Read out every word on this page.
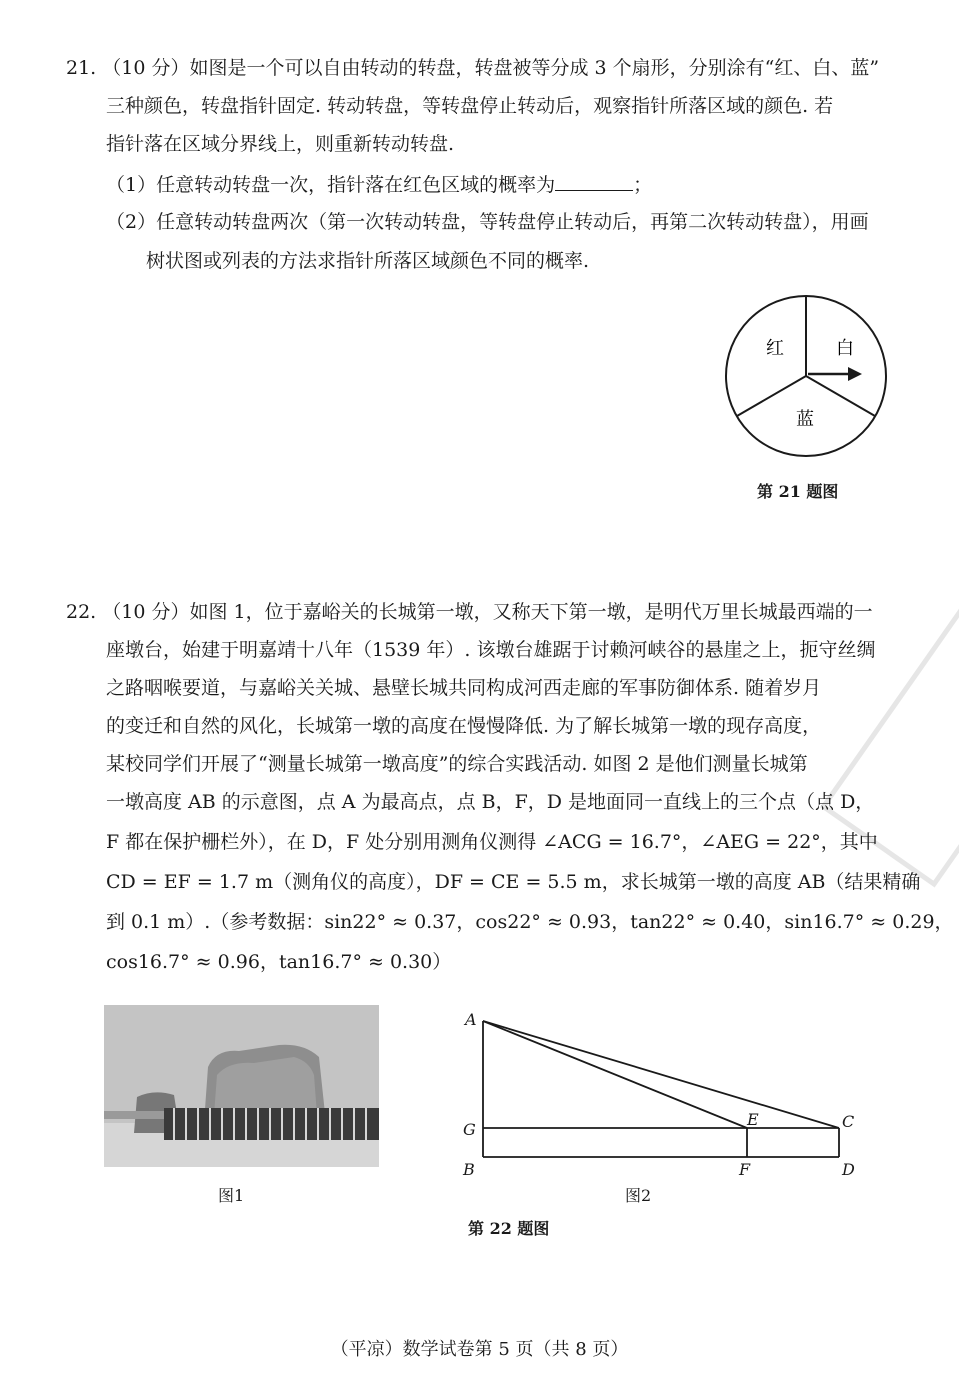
21. （10 分）如图是一个可以自由转动的转盘，转盘被等分成 3 个扇形，分别涂有“红、白、蓝”
三种颜色，转盘指针固定. 转动转盘，等转盘停止转动后，观察指针所落区域的颜色. 若
指针落在区域分界线上，则重新转动转盘.
（1）任意转动转盘一次，指针落在红色区域的概率为	；
（2）任意转动转盘两次（第一次转动转盘，等转盘停止转动后，再第二次转动转盘），用画
树状图或列表的方法求指针所落区域颜色不同的概率.
红	白
蓝
第 21 题图
22. （10 分）如图 1，位于嘉峪关的长城第一墩，又称天下第一墩，是明代万里长城最西端的一
座墩台，始建于明嘉靖十八年（1539 年）. 该墩台雄踞于讨赖河峡谷的悬崖之上，扼守丝绸
之路咽喉要道，与嘉峪关关城、悬壁长城共同构成河西走廊的军事防御体系. 随着岁月
的变迁和自然的风化，长城第一墩的高度在慢慢降低. 为了解长城第一墩的现存高度，
某校同学们开展了“测量长城第一墩高度”的综合实践活动. 如图 2 是他们测量长城第
一墩高度 AB 的示意图，点 A 为最高点，点 B，F，D 是地面同一直线上的三个点（点 D，
F 都在保护栅栏外），在 D，F 处分别用测角仪测得 ∠ACG = 16.7°，∠AEG = 22°，其中
CD = EF = 1.7 m（测角仪的高度），DF = CE = 5.5 m，求长城第一墩的高度 AB（结果精确
到 0.1 m）.（参考数据：sin22° ≈ 0.37，cos22° ≈ 0.93，tan22° ≈ 0.40，sin16.7° ≈ 0.29，
cos16.7° ≈ 0.96，tan16.7° ≈ 0.30）
图1
A
G
E	C
B	F	D
图2
第 22 题图
（平凉）数学试卷第 5 页（共 8 页）
